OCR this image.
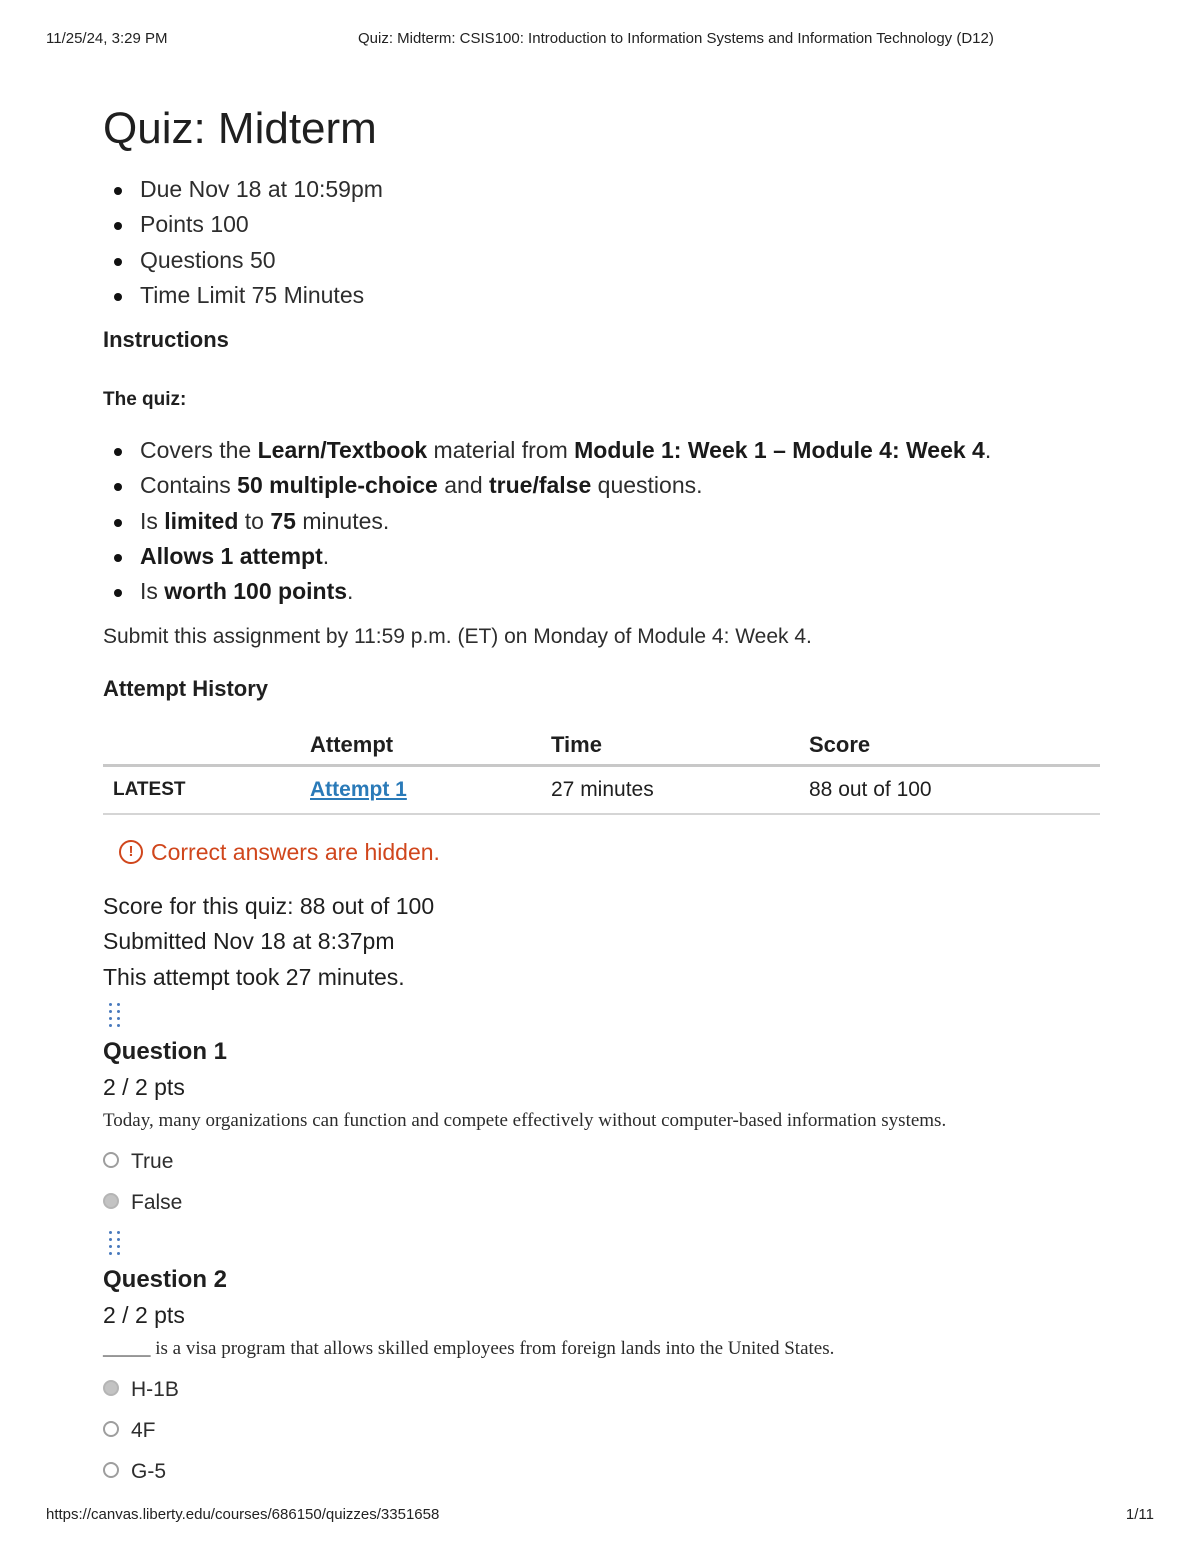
11/25/24, 3:29 PM	Quiz: Midterm: CSIS100: Introduction to Information Systems and Information Technology (D12)
Quiz: Midterm
Due Nov 18 at 10:59pm
Points 100
Questions 50
Time Limit 75 Minutes
Instructions
The quiz:
Covers the Learn/Textbook material from Module 1: Week 1 – Module 4: Week 4.
Contains 50 multiple-choice and true/false questions.
Is limited to 75 minutes.
Allows 1 attempt.
Is worth 100 points.
Submit this assignment by 11:59 p.m. (ET) on Monday of Module 4: Week 4.
Attempt History
	Attempt	Time	Score
LATEST	Attempt 1	27 minutes	88 out of 100
! Correct answers are hidden.
Score for this quiz: 88 out of 100
Submitted Nov 18 at 8:37pm
This attempt took 27 minutes.
Question 1
2 / 2 pts
Today, many organizations can function and compete effectively without computer-based information systems.
True
False
Question 2
2 / 2 pts
_____ is a visa program that allows skilled employees from foreign lands into the United States.
H-1B
4F
G-5
https://canvas.liberty.edu/courses/686150/quizzes/3351658	1/11
